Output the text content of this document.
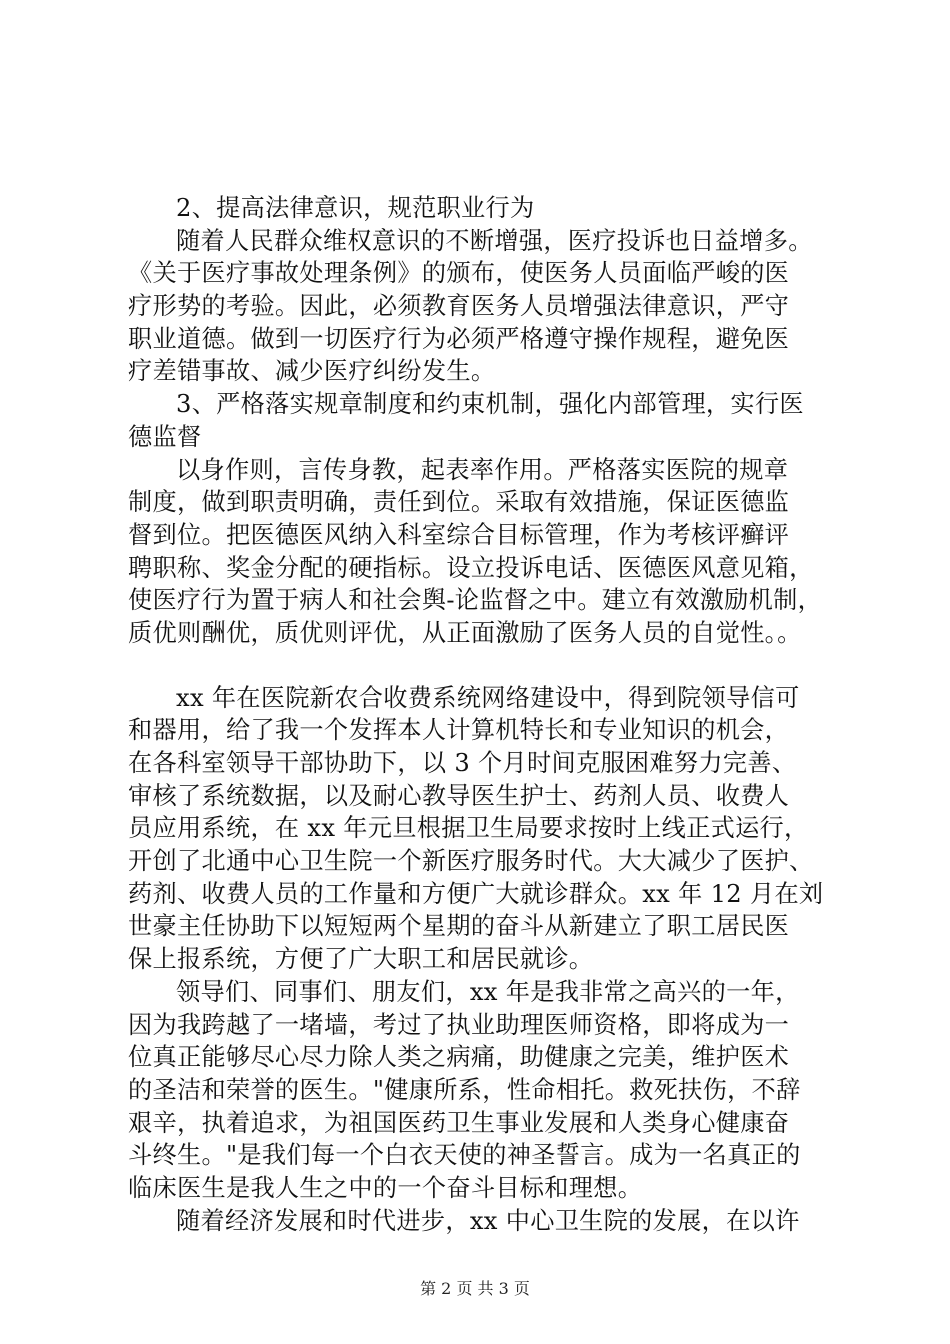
2、提高法律意识，规范职业行为
随着人民群众维权意识的不断增强，医疗投诉也日益增多。
《关于医疗事故处理条例》的颁布，使医务人员面临严峻的医
疗形势的考验。因此，必须教育医务人员增强法律意识，严守
职业道德。做到一切医疗行为必须严格遵守操作规程，避免医
疗差错事故、减少医疗纠纷发生。
3、严格落实规章制度和约束机制，强化内部管理，实行医
德监督
以身作则，言传身教，起表率作用。严格落实医院的规章
制度，做到职责明确，责任到位。采取有效措施，保证医德监
督到位。把医德医风纳入科室综合目标管理，作为考核评癣评
聘职称、奖金分配的硬指标。设立投诉电话、医德医风意见箱，
使医疗行为置于病人和社会舆-论监督之中。建立有效激励机制，
质优则酬优，质优则评优，从正面激励了医务人员的自觉性。。
xx 年在医院新农合收费系统网络建设中，得到院领导信可
和器用，给了我一个发挥本人计算机特长和专业知识的机会，
在各科室领导干部协助下，以 3 个月时间克服困难努力完善、
审核了系统数据，以及耐心教导医生护士、药剂人员、收费人
员应用系统，在 xx 年元旦根据卫生局要求按时上线正式运行，
开创了北通中心卫生院一个新医疗服务时代。大大减少了医护、
药剂、收费人员的工作量和方便广大就诊群众。xx 年 12 月在刘
世豪主任协助下以短短两个星期的奋斗从新建立了职工居民医
保上报系统，方便了广大职工和居民就诊。
领导们、同事们、朋友们，xx 年是我非常之高兴的一年，
因为我跨越了一堵墙，考过了执业助理医师资格，即将成为一
位真正能够尽心尽力除人类之病痛，助健康之完美，维护医术
的圣洁和荣誉的医生。"健康所系，性命相托。救死扶伤，不辞
艰辛，执着追求，为祖国医药卫生事业发展和人类身心健康奋
斗终生。"是我们每一个白衣天使的神圣誓言。成为一名真正的
临床医生是我人生之中的一个奋斗目标和理想。
随着经济发展和时代进步，xx 中心卫生院的发展，在以许
第 2 页 共 3 页
